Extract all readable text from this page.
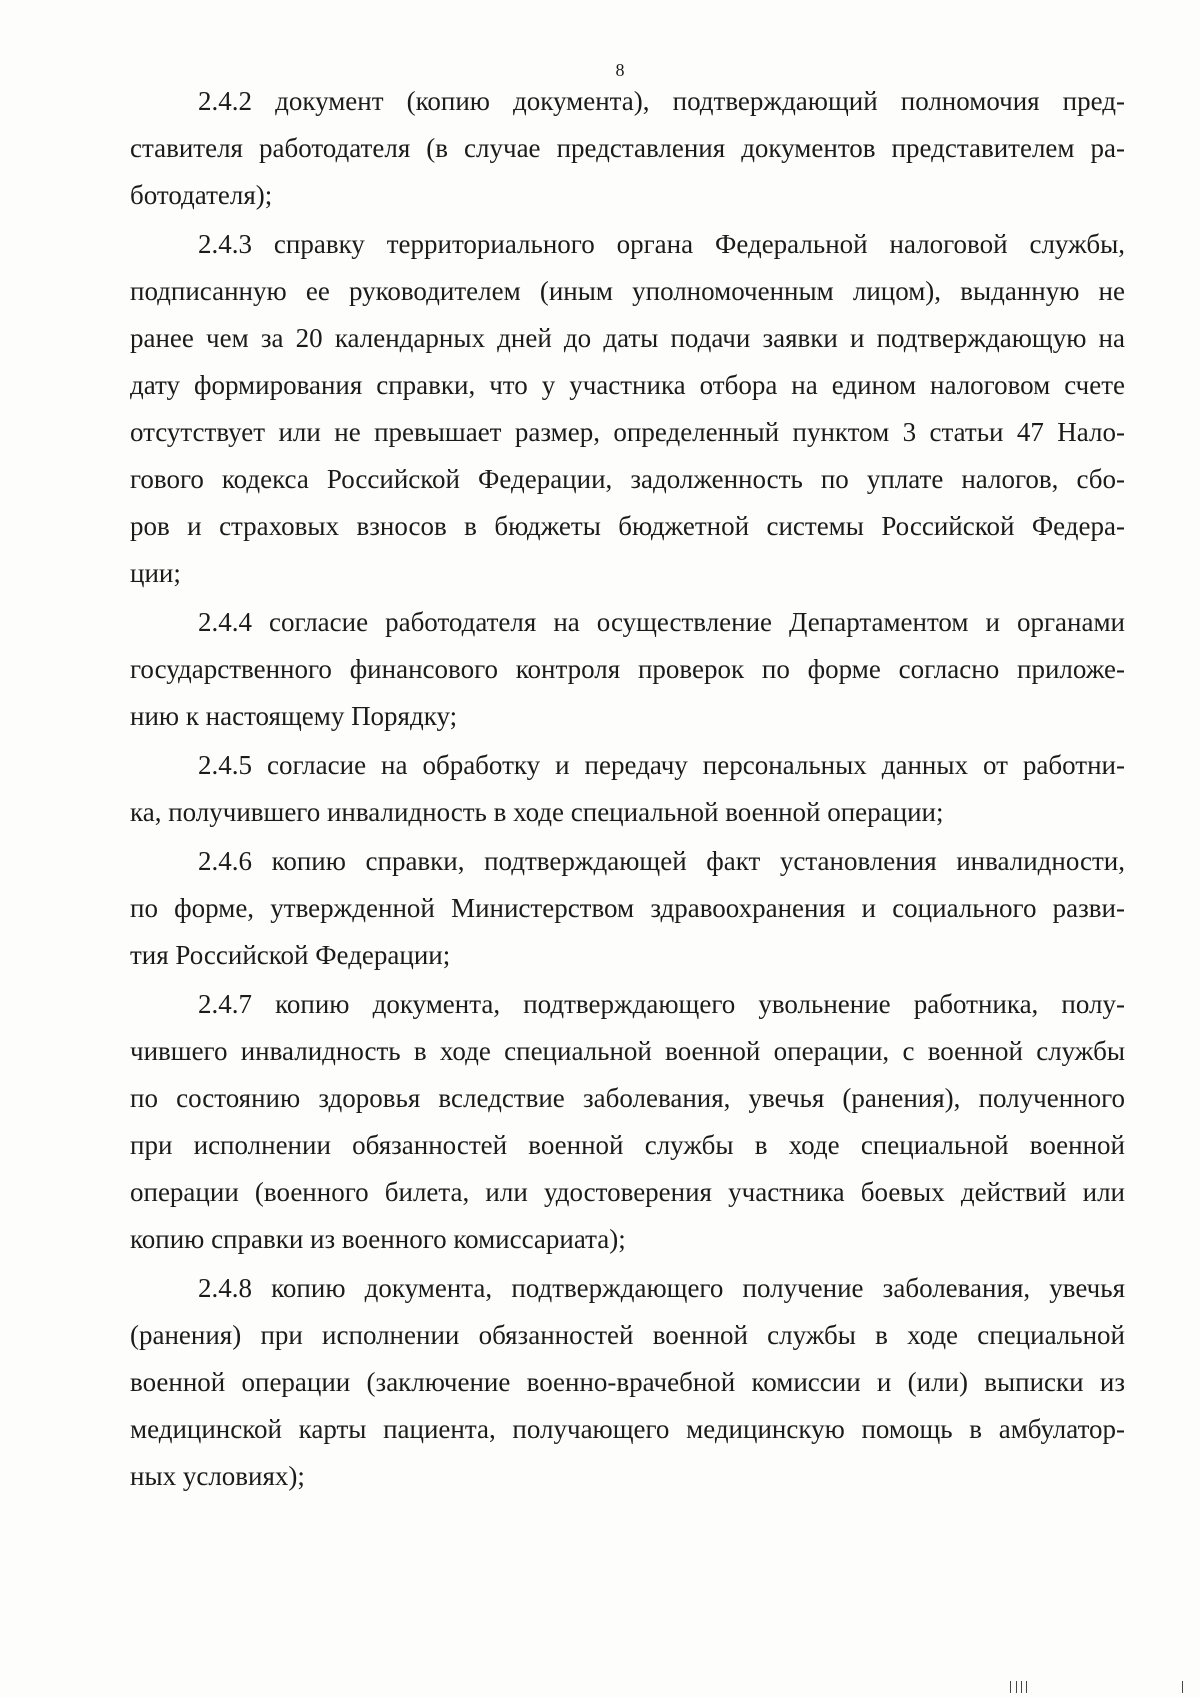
8
2.4.2 документ (копию документа), подтверждающий полномочия пред-
ставителя работодателя (в случае представления документов представителем ра-
ботодателя);
2.4.3 справку территориального органа Федеральной налоговой службы,
подписанную ее руководителем (иным уполномоченным лицом), выданную не
ранее чем за 20 календарных дней до даты подачи заявки и подтверждающую на
дату формирования справки, что у участника отбора на едином налоговом счете
отсутствует или не превышает размер, определенный пунктом 3 статьи 47 Нало-
гового кодекса Российской Федерации, задолженность по уплате налогов, сбо-
ров и страховых взносов в бюджеты бюджетной системы Российской Федера-
ции;
2.4.4 согласие работодателя на осуществление Департаментом и органами
государственного финансового контроля проверок по форме согласно приложе-
нию к настоящему Порядку;
2.4.5 согласие на обработку и передачу персональных данных от работни-
ка, получившего инвалидность в ходе специальной военной операции;
2.4.6 копию справки, подтверждающей факт установления инвалидности,
по форме, утвержденной Министерством здравоохранения и социального разви-
тия Российской Федерации;
2.4.7 копию документа, подтверждающего увольнение работника, полу-
чившего инвалидность в ходе специальной военной операции, с военной службы
по состоянию здоровья вследствие заболевания, увечья (ранения), полученного
при исполнении обязанностей военной службы в ходе специальной военной
операции (военного билета, или удостоверения участника боевых действий или
копию справки из военного комиссариата);
2.4.8 копию документа, подтверждающего получение заболевания, увечья
(ранения) при исполнении обязанностей военной службы в ходе специальной
военной операции (заключение военно-врачебной комиссии и (или) выписки из
медицинской карты пациента, получающего медицинскую помощь в амбулатор-
ных условиях);
